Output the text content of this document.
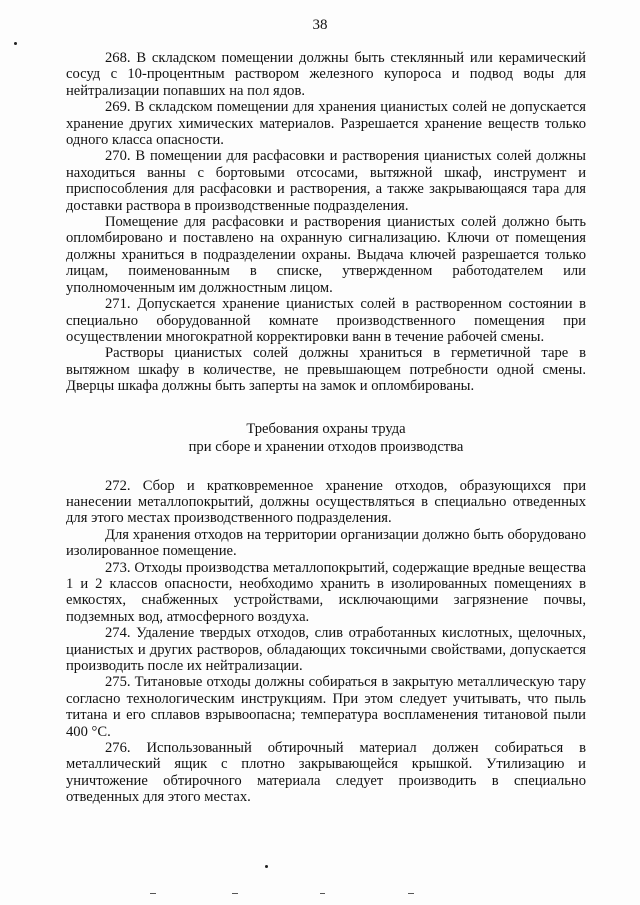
38

268. В складском помещении должны быть стеклянный или керамический сосуд с 10-процентным раствором железного купороса и подвод воды для нейтрализации попавших на пол ядов.

269. В складском помещении для хранения цианистых солей не допускается хранение других химических материалов. Разрешается хранение веществ только одного класса опасности.

270. В помещении для расфасовки и растворения цианистых солей должны находиться ванны с бортовыми отсосами, вытяжной шкаф, инструмент и приспособления для расфасовки и растворения, а также закрывающаяся тара для доставки раствора в производственные подразделения.

Помещение для расфасовки и растворения цианистых солей должно быть опломбировано и поставлено на охранную сигнализацию. Ключи от помещения должны храниться в подразделении охраны. Выдача ключей разрешается только лицам, поименованным в списке, утвержденном работодателем или уполномоченным им должностным лицом.

271. Допускается хранение цианистых солей в растворенном состоянии в специально оборудованной комнате производственного помещения при осуществлении многократной корректировки ванн в течение рабочей смены.

Растворы цианистых солей должны храниться в герметичной таре в вытяжном шкафу в количестве, не превышающем потребности одной смены. Дверцы шкафа должны быть заперты на замок и опломбированы.

Требования охраны труда
при сборе и хранении отходов производства

272. Сбор и кратковременное хранение отходов, образующихся при нанесении металлопокрытий, должны осуществляться в специально отведенных для этого местах производственного подразделения.

Для хранения отходов на территории организации должно быть оборудовано изолированное помещение.

273. Отходы производства металлопокрытий, содержащие вредные вещества 1 и 2 классов опасности, необходимо хранить в изолированных помещениях в емкостях, снабженных устройствами, исключающими загрязнение почвы, подземных вод, атмосферного воздуха.

274. Удаление твердых отходов, слив отработанных кислотных, щелочных, цианистых и других растворов, обладающих токсичными свойствами, допускается производить после их нейтрализации.

275. Титановые отходы должны собираться в закрытую металлическую тару согласно технологическим инструкциям. При этом следует учитывать, что пыль титана и его сплавов взрывоопасна; температура воспламенения титановой пыли 400 °С.

276. Использованный обтирочный материал должен собираться в металлический ящик с плотно закрывающейся крышкой. Утилизацию и уничтожение обтирочного материала следует производить в специально отведенных для этого местах.
